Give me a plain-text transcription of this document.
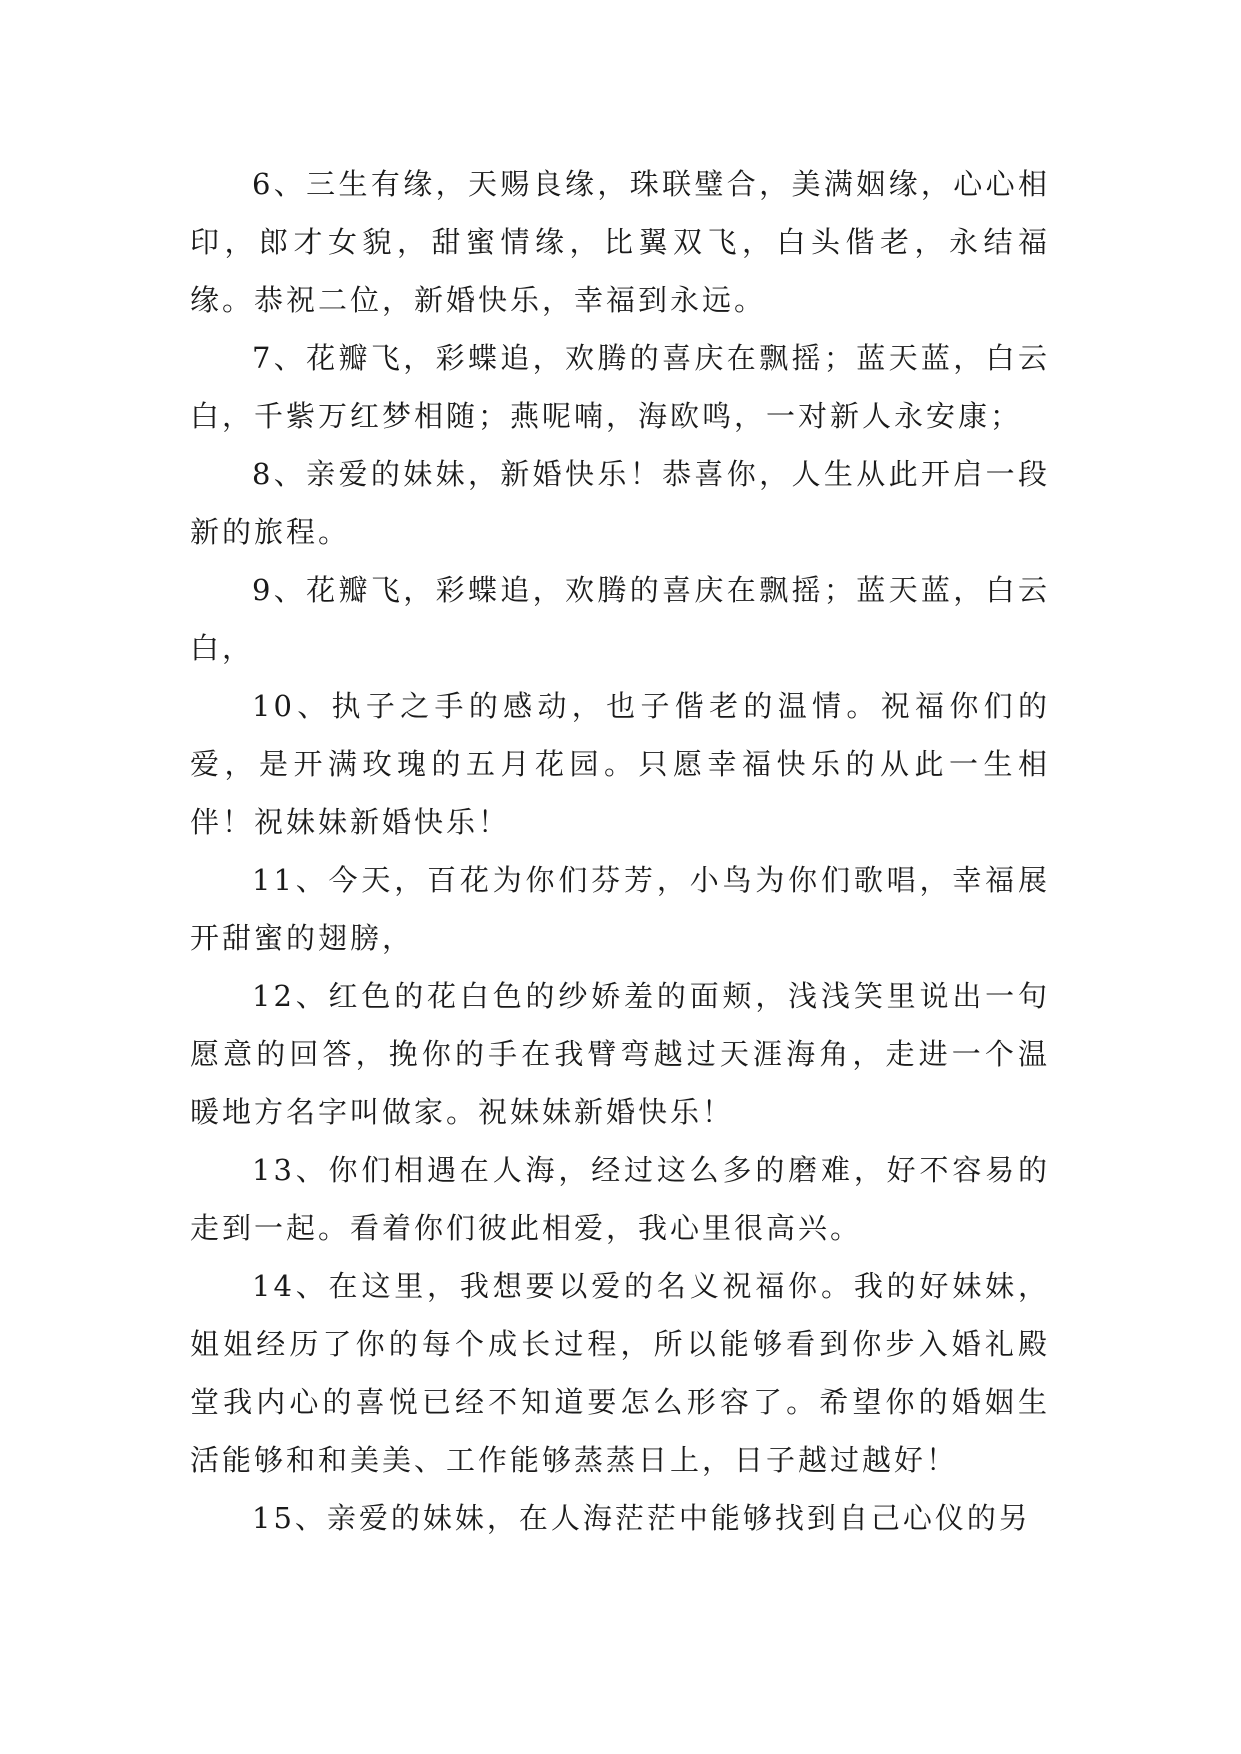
6、三生有缘，天赐良缘，珠联璧合，美满姻缘，心心相印，郎才女貌，甜蜜情缘，比翼双飞，白头偕老，永结福缘。恭祝二位，新婚快乐，幸福到永远。

7、花瓣飞，彩蝶追，欢腾的喜庆在飘摇；蓝天蓝，白云白，千紫万红梦相随；燕呢喃，海欧鸣，一对新人永安康；

8、亲爱的妹妹，新婚快乐！恭喜你，人生从此开启一段新的旅程。

9、花瓣飞，彩蝶追，欢腾的喜庆在飘摇；蓝天蓝，白云白，

10、执子之手的感动，也子偕老的温情。祝福你们的爱，是开满玫瑰的五月花园。只愿幸福快乐的从此一生相伴！祝妹妹新婚快乐！

11、今天，百花为你们芬芳，小鸟为你们歌唱，幸福展开甜蜜的翅膀，

12、红色的花白色的纱娇羞的面颊，浅浅笑里说出一句愿意的回答，挽你的手在我臂弯越过天涯海角，走进一个温暖地方名字叫做家。祝妹妹新婚快乐！

13、你们相遇在人海，经过这么多的磨难，好不容易的走到一起。看着你们彼此相爱，我心里很高兴。

14、在这里，我想要以爱的名义祝福你。我的好妹妹，姐姐经历了你的每个成长过程，所以能够看到你步入婚礼殿堂我内心的喜悦已经不知道要怎么形容了。希望你的婚姻生活能够和和美美、工作能够蒸蒸日上，日子越过越好！

15、亲爱的妹妹，在人海茫茫中能够找到自己心仪的另
